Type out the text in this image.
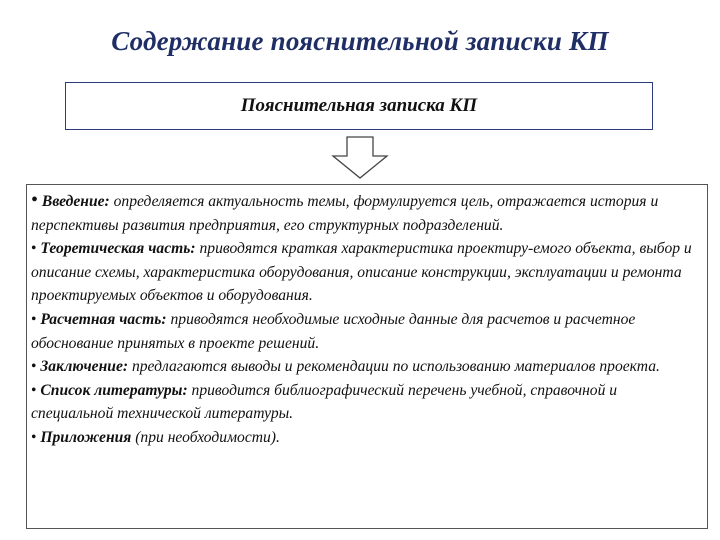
Содержание пояснительной записки КП
Пояснительная записка КП

• Введение: определяется актуальность темы, формулируется цель, отражается история и перспективы развития предприятия, его структурных подразделений.

• Теоретическая часть: приводятся краткая характеристика проектиру-емого объекта, выбор и описание схемы, характеристика оборудования, описание конструкции, эксплуатации и ремонта проектируемых объектов и оборудования.

• Расчетная часть: приводятся необходимые исходные данные для расчетов и расчетное обоснование принятых в проекте решений.

• Заключение: предлагаются выводы и рекомендации по использованию материалов проекта.

• Список литературы: приводится библиографический перечень учебной, справочной и специальной технической литературы.

• Приложения (при необходимости).
